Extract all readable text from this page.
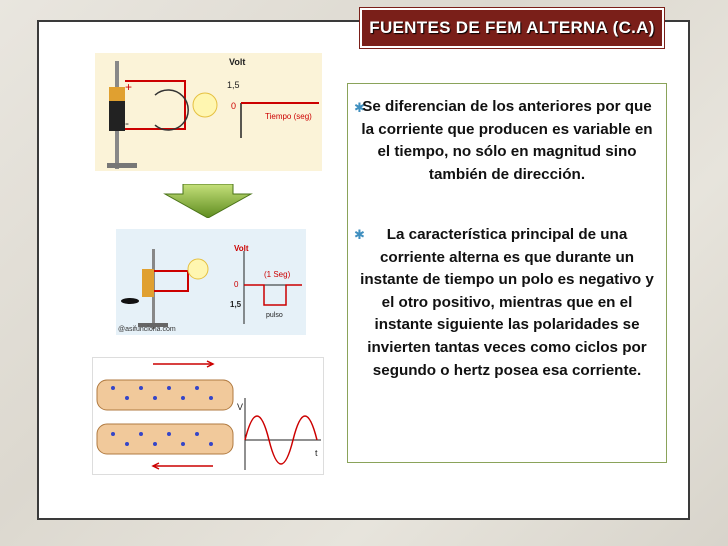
+
-
Volt
1,5
0
Tiempo (seg)
Volt
0
1,5
(1 Seg)
pulso
@asifunciona.com
V
t
✱
Se diferencian de los anteriores por que la corriente que producen es variable en el tiempo, no sólo en magnitud sino también de dirección.
✱	La característica principal de una corriente alterna es que durante un instante de tiempo un polo es negativo y el otro positivo, mientras que en el instante siguiente las polaridades se invierten tantas veces como ciclos por segundo o hertz posea esa corriente.
FUENTES DE FEM ALTERNA (C.A)
